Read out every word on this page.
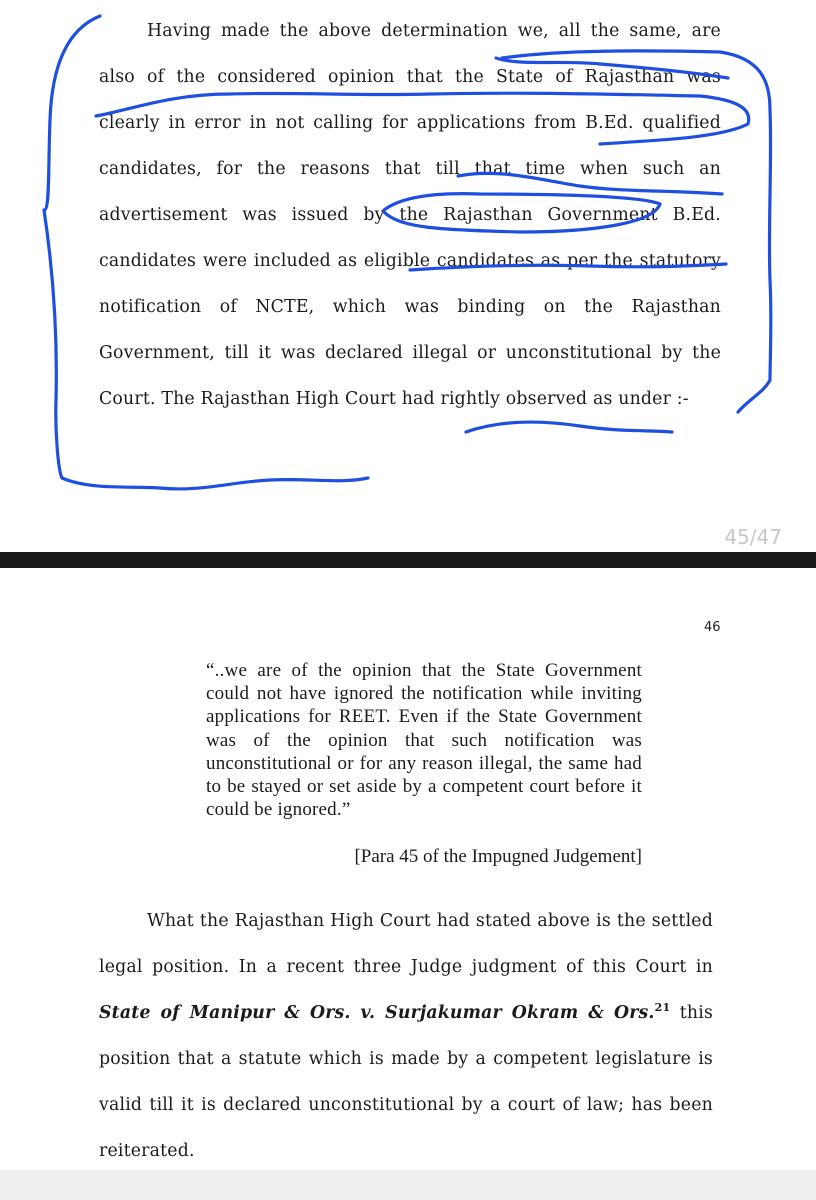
Having made the above determination we, all the same, are also of the considered opinion that the State of Rajasthan was clearly in error in not calling for applications from B.Ed. qualified candidates, for the reasons that till that time when such an advertisement was issued by the Rajasthan Government B.Ed. candidates were included as eligible candidates as per the statutory notification of NCTE, which was binding on the Rajasthan Government, till it was declared illegal or unconstitutional by the Court. The Rajasthan High Court had rightly observed as under :-

45/47
46
“..we are of the opinion that the State Government could not have ignored the notification while inviting applications for REET. Even if the State Government was of the opinion that such notification was unconstitutional or for any reason illegal, the same had to be stayed or set aside by a competent court before it could be ignored.”
[Para 45 of the Impugned Judgement]

What the Rajasthan High Court had stated above is the settled legal position. In a recent three Judge judgment of this Court in State of Manipur & Ors. v. Surjakumar Okram & Ors.$^{21}$ this position that a statute which is made by a competent legislature is valid till it is declared unconstitutional by a court of law; has been reiterated.
